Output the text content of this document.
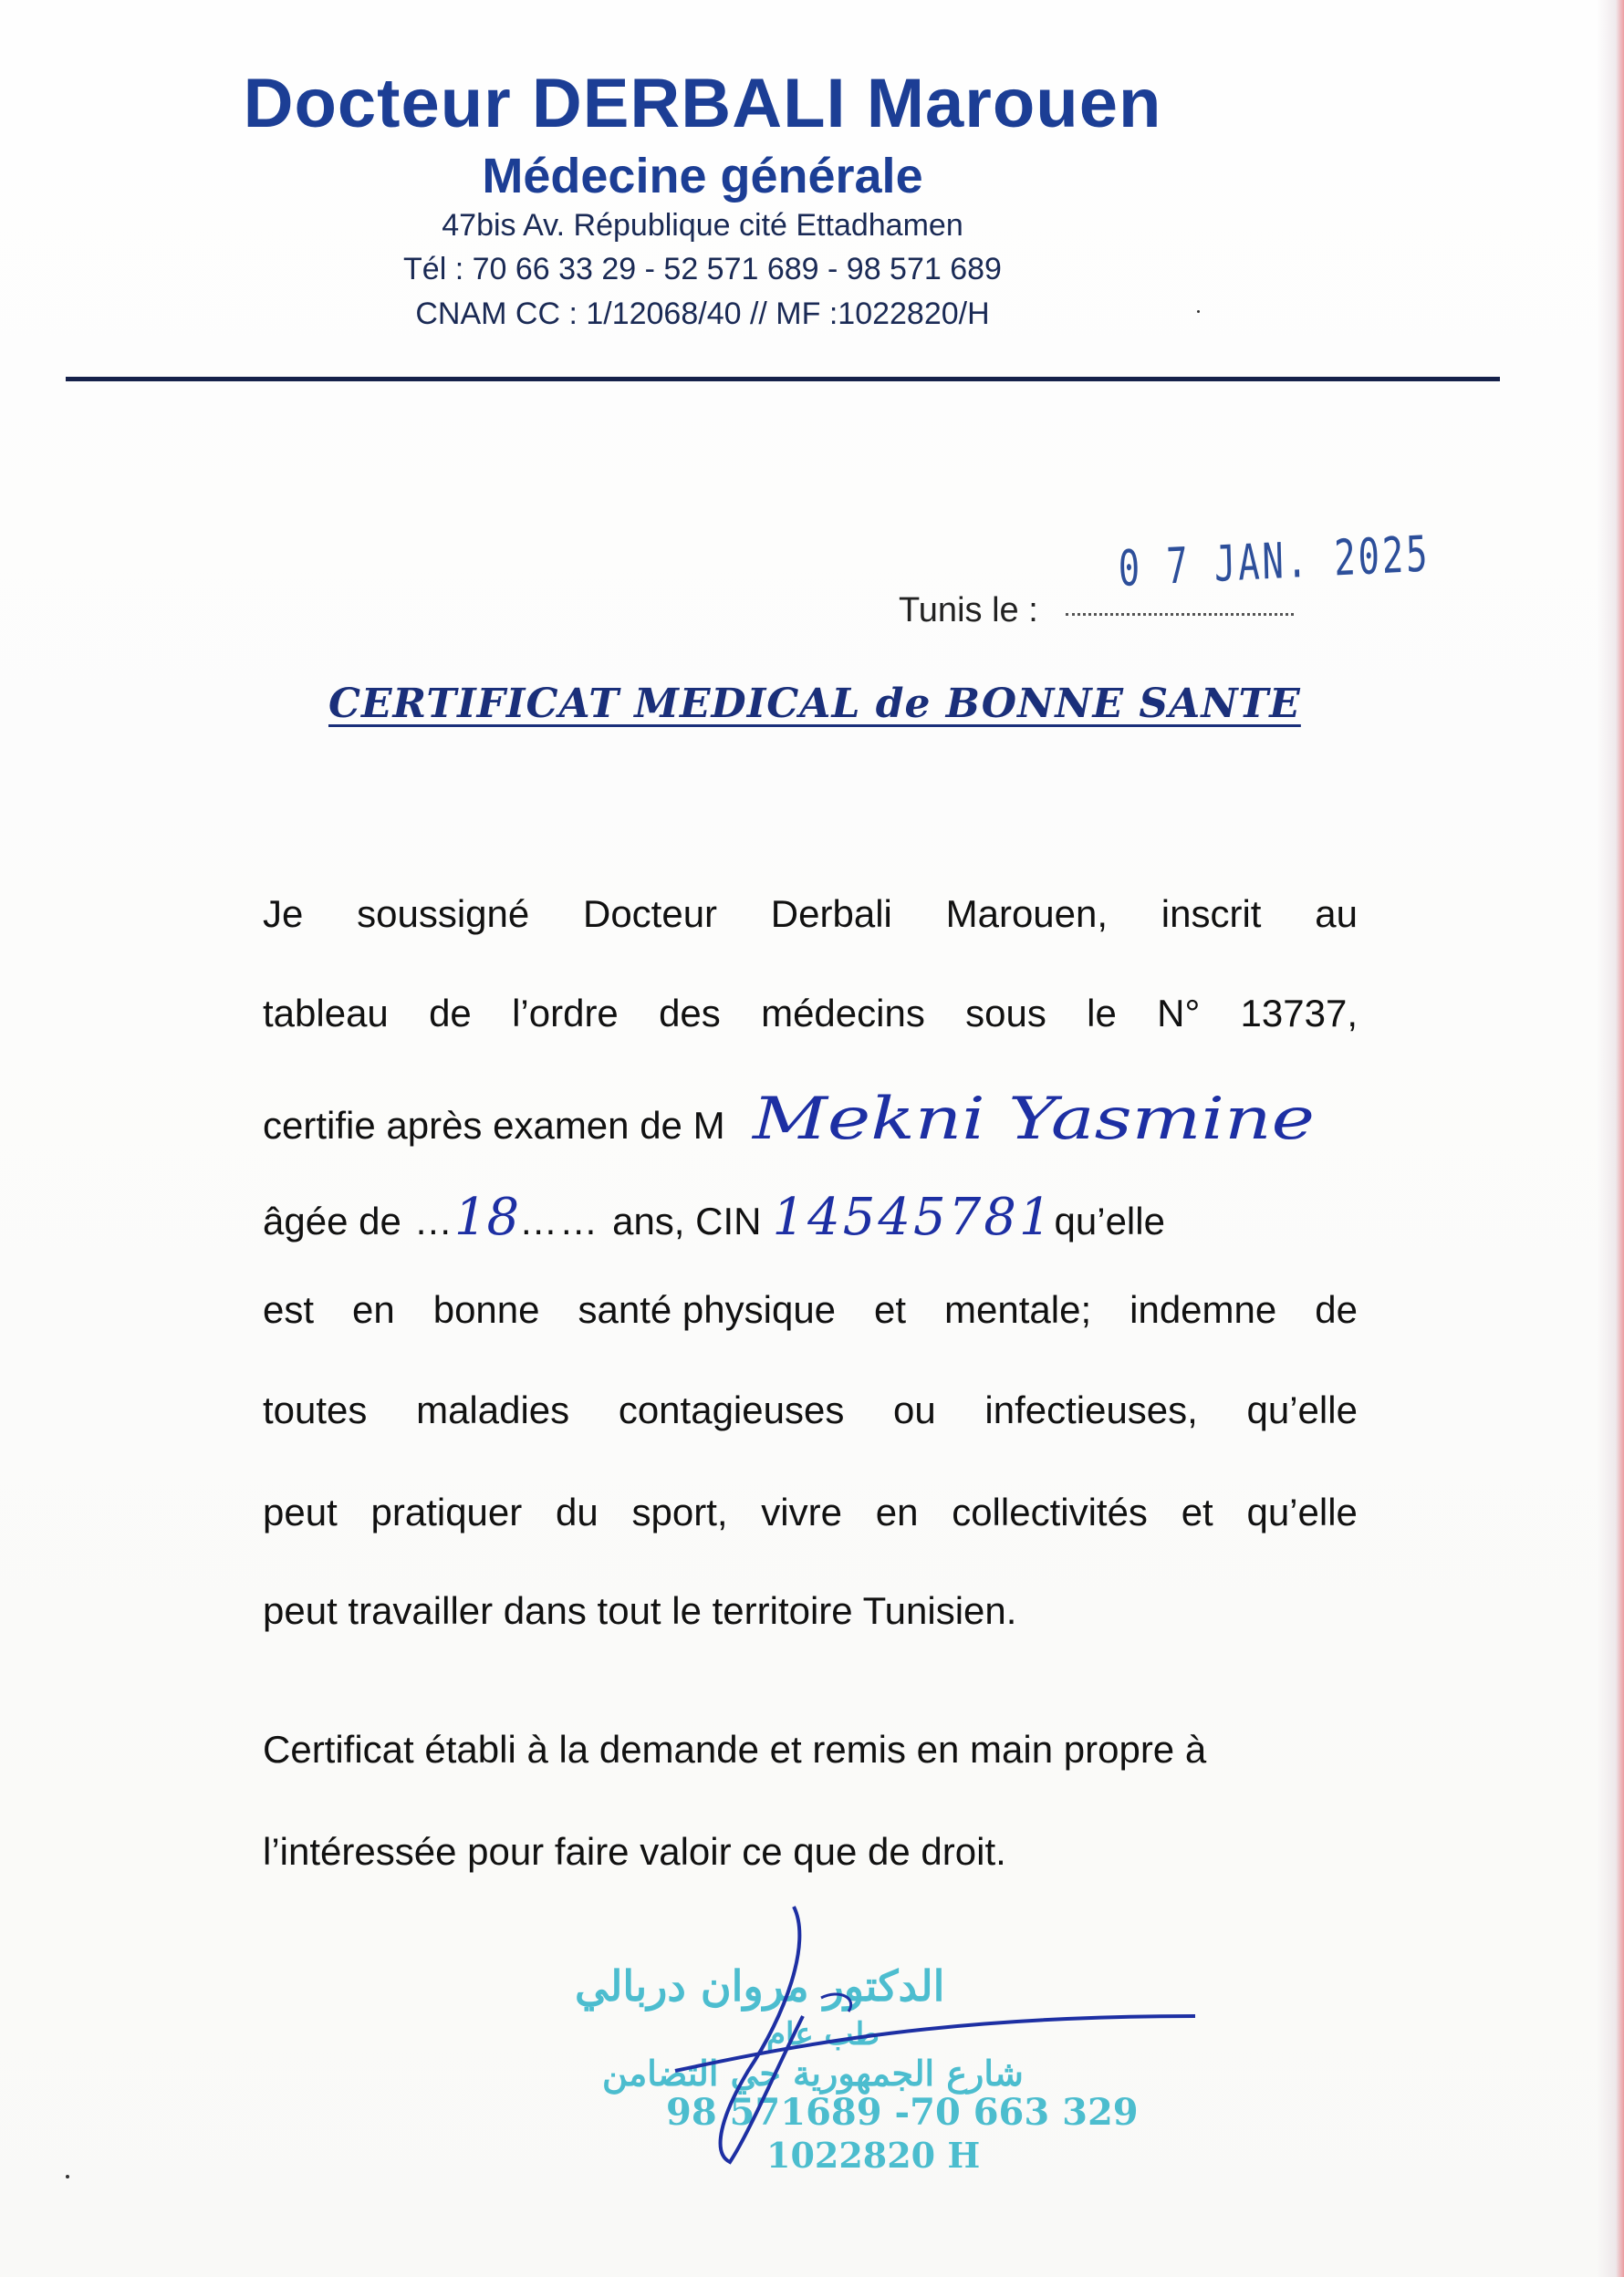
Docteur DERBALI Marouen
Médecine générale
47bis Av. République cité Ettadhamen
Tél : 70 66 33 29 - 52 571 689 - 98 571 689
CNAM CC : 1/12068/40 // MF :1022820/H
Tunis le :
0 7 JAN. 2025
CERTIFICAT MEDICAL de BONNE SANTE
Je soussigné Docteur Derbali Marouen, inscrit au
tableau de l’ordre des médecins sous le N° 13737,
certifie après examen de M Mekni Yasmine
âgée de … 18 …… ans, CIN 14545781 qu’elle
est en bonne santé physique et mentale; indemne de
toutes maladies contagieuses ou infectieuses, qu’elle
peut pratiquer du sport, vivre en collectivités et qu’elle
peut travailler dans tout le territoire Tunisien.
Certificat établi à la demande et remis en main propre à
l’intéressée pour faire valoir ce que de droit.
الدكتور مروان دربالي
طب عام
شارع الجمهورية حي التضامن
98 571689 -70 663 329
1022820 H
